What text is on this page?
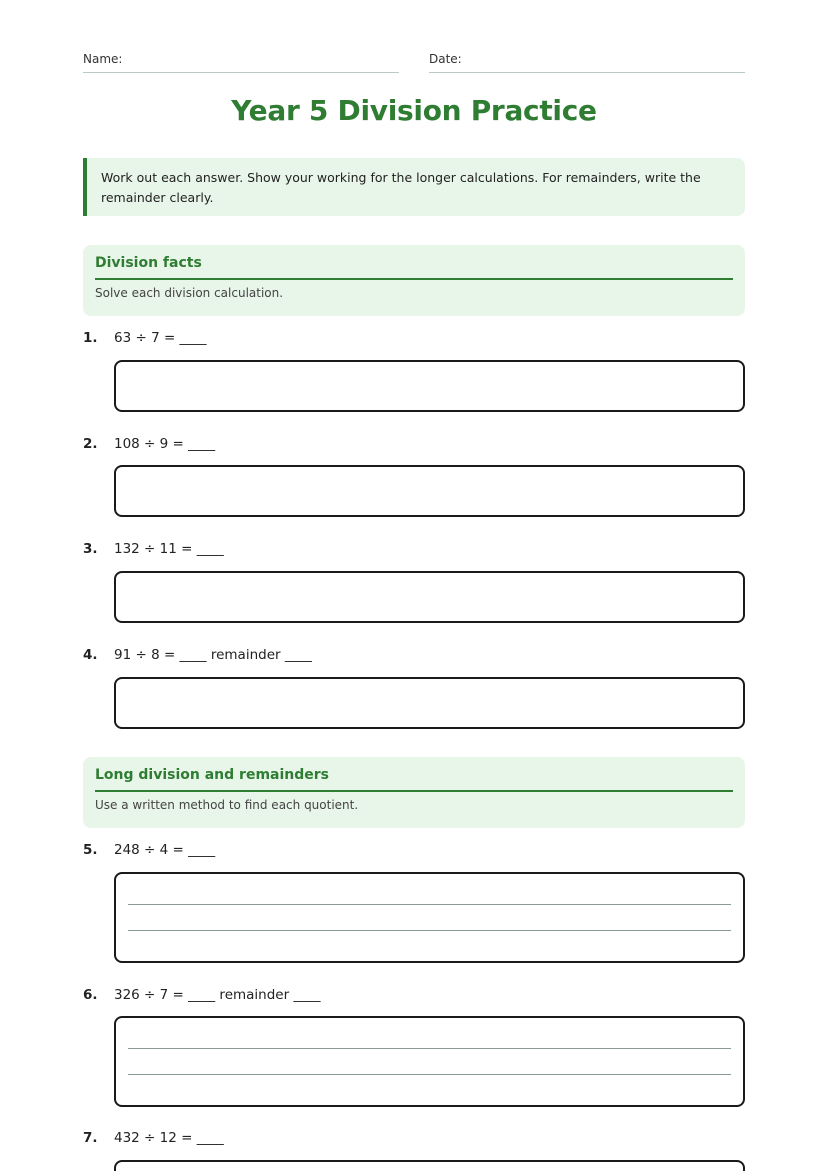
Name:	Date:
Year 5 Division Practice
Work out each answer. Show your working for the longer calculations. For remainders, write the remainder clearly.
Division facts
Solve each division calculation.
1. 63 ÷ 7 = ____
2. 108 ÷ 9 = ____
3. 132 ÷ 11 = ____
4. 91 ÷ 8 = ____ remainder ____
Long division and remainders
Use a written method to find each quotient.
5. 248 ÷ 4 = ____
6. 326 ÷ 7 = ____ remainder ____
7. 432 ÷ 12 = ____
